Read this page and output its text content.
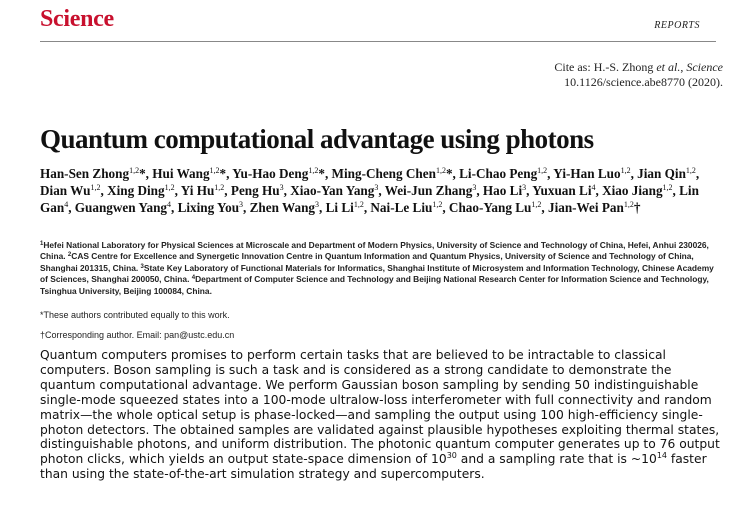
Science	REPORTS
Cite as: H.-S. Zhong et al., Science
10.1126/science.abe8770 (2020).
Quantum computational advantage using photons

Han-Sen Zhong$^{1,2}$*, Hui Wang$^{1,2}$*, Yu-Hao Deng$^{1,2}$*, Ming-Cheng Chen$^{1,2}$*, Li-Chao Peng$^{1,2}$, Yi-Han Luo$^{1,2}$, Jian Qin$^{1,2}$, Dian Wu$^{1,2}$, Xing Ding$^{1,2}$, Yi Hu$^{1,2}$, Peng Hu$^3$, Xiao-Yan Yang$^3$, Wei-Jun Zhang$^3$, Hao Li$^3$, Yuxuan Li$^4$, Xiao Jiang$^{1,2}$, Lin Gan$^4$, Guangwen Yang$^4$, Lixing You$^3$, Zhen Wang$^3$, Li Li$^{1,2}$, Nai-Le Liu$^{1,2}$, Chao-Yang Lu$^{1,2}$, Jian-Wei Pan$^{1,2}$†

$^1$Hefei National Laboratory for Physical Sciences at Microscale and Department of Modern Physics, University of Science and Technology of China, Hefei, Anhui 230026, China. $^2$CAS Centre for Excellence and Synergetic Innovation Centre in Quantum Information and Quantum Physics, University of Science and Technology of China, Shanghai 201315, China. $^3$State Key Laboratory of Functional Materials for Informatics, Shanghai Institute of Microsystem and Information Technology, Chinese Academy of Sciences, Shanghai 200050, China. $^4$Department of Computer Science and Technology and Beijing National Research Center for Information Science and Technology, Tsinghua University, Beijing 100084, China.

*These authors contributed equally to this work.

†Corresponding author. Email: pan@ustc.edu.cn

Quantum computers promises to perform certain tasks that are believed to be intractable to classical computers. Boson sampling is such a task and is considered as a strong candidate to demonstrate the quantum computational advantage. We perform Gaussian boson sampling by sending 50 indistinguishable single-mode squeezed states into a 100-mode ultralow-loss interferometer with full connectivity and random matrix—the whole optical setup is phase-locked—and sampling the output using 100 high-efficiency single-photon detectors. The obtained samples are validated against plausible hypotheses exploiting thermal states, distinguishable photons, and uniform distribution. The photonic quantum computer generates up to 76 output photon clicks, which yields an output state-space dimension of $10^{30}$ and a sampling rate that is $\sim 10^{14}$ faster than using the state-of-the-art simulation strategy and supercomputers.
